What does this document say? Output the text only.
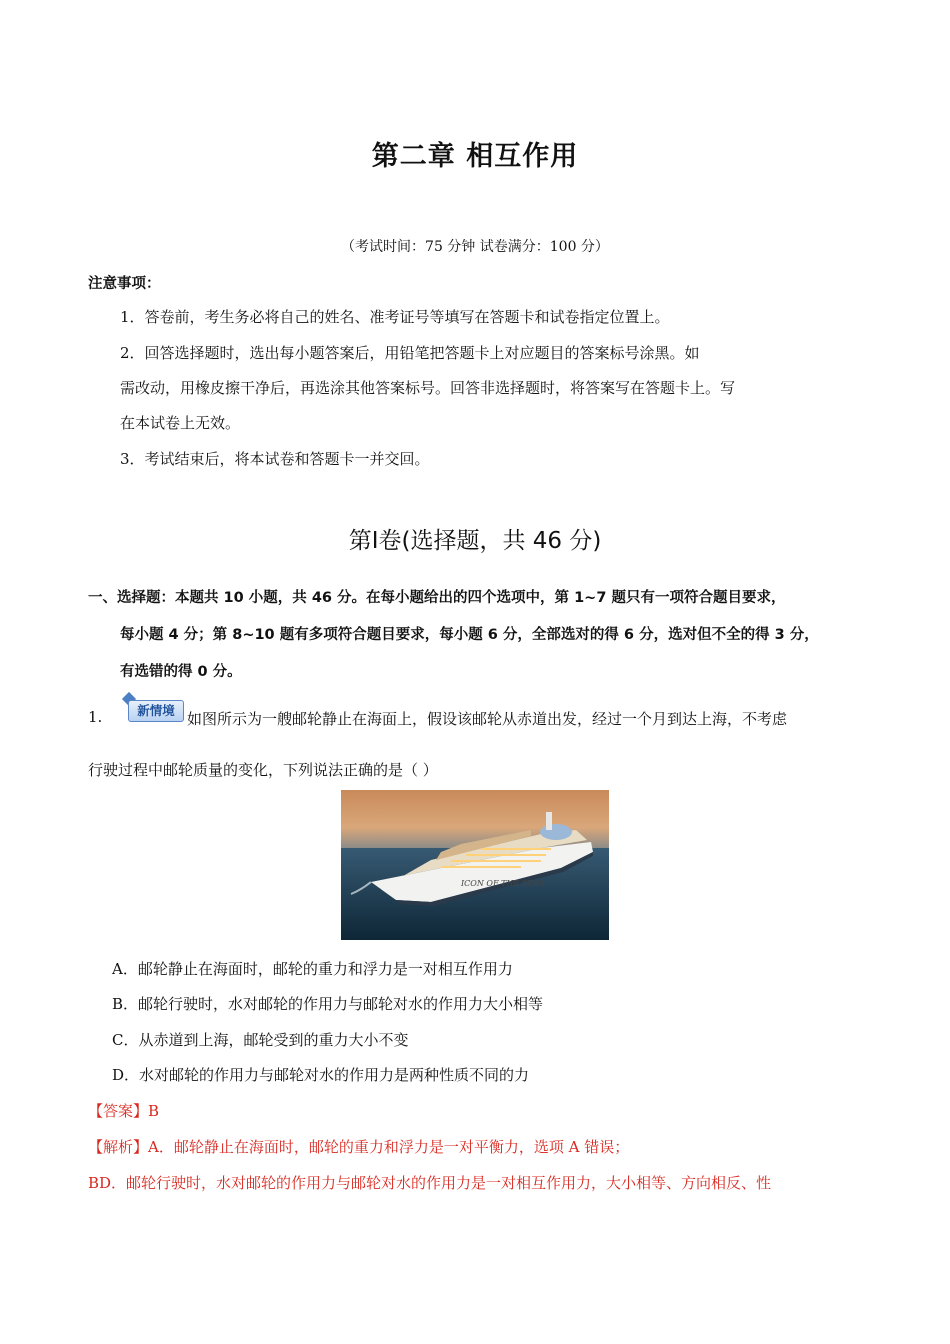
第二章 相互作用
（考试时间：75 分钟 试卷满分：100 分）
注意事项：
1．答卷前，考生务必将自己的姓名、准考证号等填写在答题卡和试卷指定位置上。
2．回答选择题时，选出每小题答案后，用铅笔把答题卡上对应题目的答案标号涂黑。如
需改动，用橡皮擦干净后，再选涂其他答案标号。回答非选择题时，将答案写在答题卡上。写
在本试卷上无效。
3．考试结束后，将本试卷和答题卡一并交回。
第Ⅰ卷(选择题，共 46 分)
一、选择题：本题共 10 小题，共 46 分。在每小题给出的四个选项中，第 1~7 题只有一项符合题目要求，
每小题 4 分；第 8~10 题有多项符合题目要求，每小题 6 分，全部选对的得 6 分，选对但不全的得 3 分，
有选错的得 0 分。
1.	新情境 如图所示为一艘邮轮静止在海面上，假设该邮轮从赤道出发，经过一个月到达上海，不考虑
行驶过程中邮轮质量的变化，下列说法正确的是（ ）
ICON OF THE SEAS
A．邮轮静止在海面时，邮轮的重力和浮力是一对相互作用力
B．邮轮行驶时，水对邮轮的作用力与邮轮对水的作用力大小相等
C．从赤道到上海，邮轮受到的重力大小不变
D．水对邮轮的作用力与邮轮对水的作用力是两种性质不同的力
【答案】B
【解析】A．邮轮静止在海面时，邮轮的重力和浮力是一对平衡力，选项 A 错误；
BD．邮轮行驶时，水对邮轮的作用力与邮轮对水的作用力是一对相互作用力，大小相等、方向相反、性
